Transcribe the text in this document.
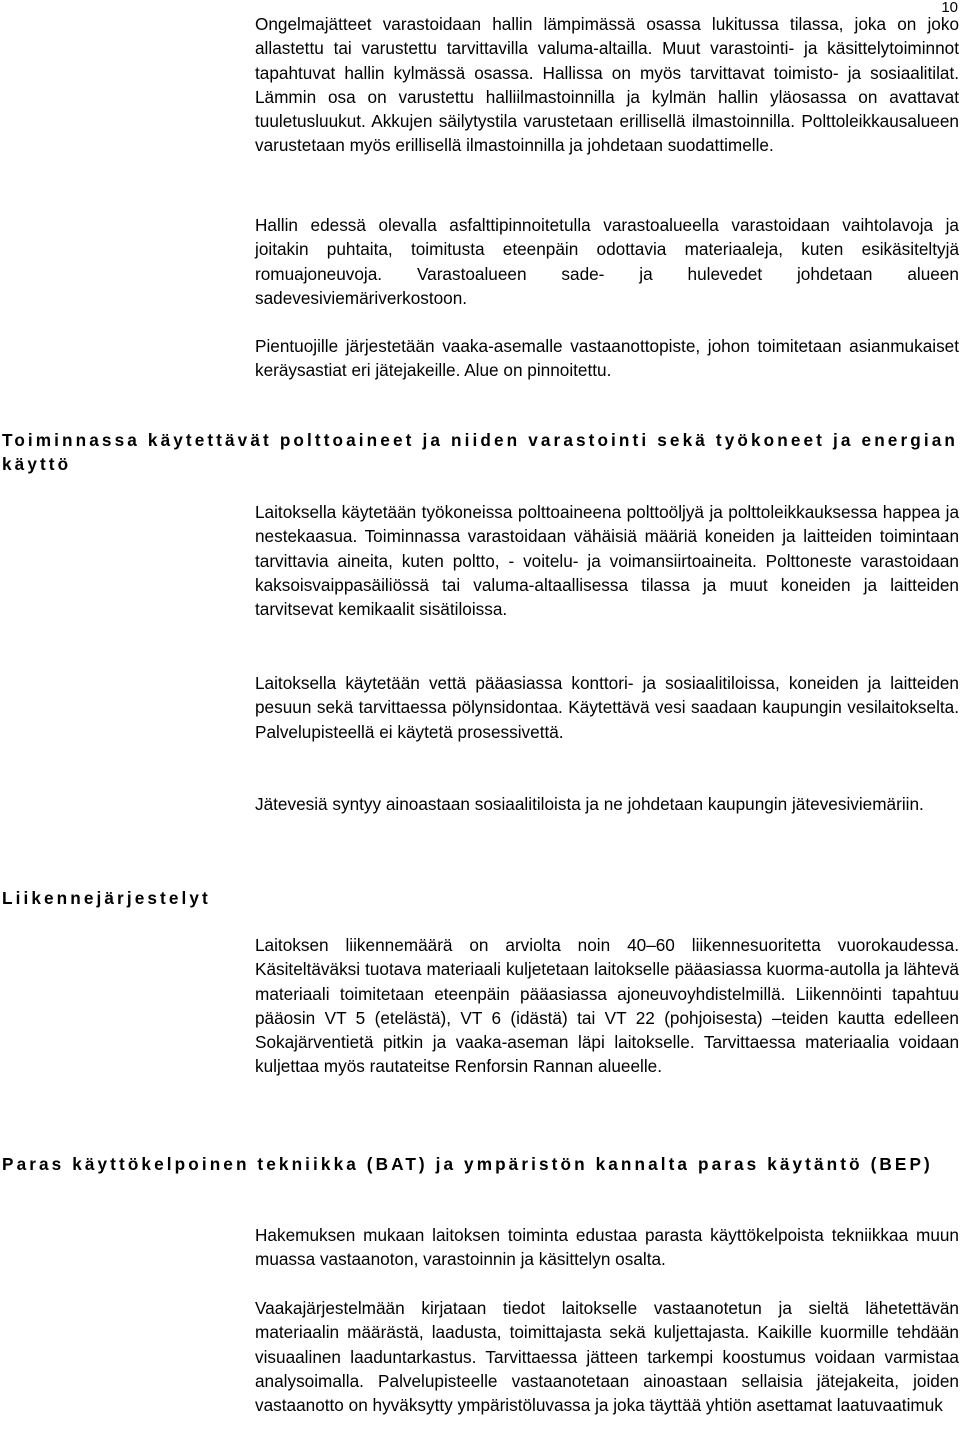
10

Ongelmajätteet varastoidaan hallin lämpimässä osassa lukitussa tilassa, joka on joko allastettu tai varustettu tarvittavilla valuma-altailla. Muut varastointi- ja käsittelytoiminnot tapahtuvat hallin kylmässä osassa. Hallissa on myös tarvittavat toimisto- ja sosiaalitilat. Lämmin osa on varustettu halliilmastoinnilla ja kylmän hallin yläosassa on avattavat tuuletusluukut. Akkujen säilytystila varustetaan erillisellä ilmastoinnilla. Polttoleikkausalueen varustetaan myös erillisellä ilmastoinnilla ja johdetaan suodattimelle.

Hallin edessä olevalla asfalttipinnoitetulla varastoalueella varastoidaan vaihtolavoja ja joitakin puhtaita, toimitusta eteenpäin odottavia materiaaleja, kuten esikäsiteltyjä romuajoneuvoja. Varastoalueen sade- ja hulevedet johdetaan alueen sadevesiviemäriverkostoon.

Pientuojille järjestetään vaaka-asemalle vastaanottopiste, johon toimitetaan asianmukaiset keräysastiat eri jätejakeille. Alue on pinnoitettu.

Toiminnassa käytettävät polttoaineet ja niiden varastointi sekä työkoneet ja energian käyttö

Laitoksella käytetään työkoneissa polttoaineena polttoöljyä ja polttoleikkauksessa happea ja nestekaasua. Toiminnassa varastoidaan vähäisiä määriä koneiden ja laitteiden toimintaan tarvittavia aineita, kuten poltto, - voitelu- ja voimansiirtoaineita. Polttoneste varastoidaan kaksoisvaippasäiliössä tai valuma-altaallisessa tilassa ja muut koneiden ja laitteiden tarvitsevat kemikaalit sisätiloissa.

Laitoksella käytetään vettä pääasiassa konttori- ja sosiaalitiloissa, koneiden ja laitteiden pesuun sekä tarvittaessa pölynsidontaa. Käytettävä vesi saadaan kaupungin vesilaitokselta. Palvelupisteellä ei käytetä prosessivettä.

Jätevesiä syntyy ainoastaan sosiaalitiloista ja ne johdetaan kaupungin jätevesiviemäriin.

Liikennejärjestelyt

Laitoksen liikennemäärä on arviolta noin 40–60 liikennesuoritetta vuorokaudessa. Käsiteltäväksi tuotava materiaali kuljetetaan laitokselle pääasiassa kuorma-autolla ja lähtevä materiaali toimitetaan eteenpäin pääasiassa ajoneuvoyhdistelmillä. Liikennöinti tapahtuu pääosin VT 5 (etelästä), VT 6 (idästä) tai VT 22 (pohjoisesta) –teiden kautta edelleen Sokajärventietä pitkin ja vaaka-aseman läpi laitokselle. Tarvittaessa materiaalia voidaan kuljettaa myös rautateitse Renforsin Rannan alueelle.

Paras käyttökelpoinen tekniikka (BAT) ja ympäristön kannalta paras käytäntö (BEP)

Hakemuksen mukaan laitoksen toiminta edustaa parasta käyttökelpoista tekniikkaa muun muassa vastaanoton, varastoinnin ja käsittelyn osalta.

Vaakajärjestelmään kirjataan tiedot laitokselle vastaanotetun ja sieltä lähetettävän materiaalin määrästä, laadusta, toimittajasta sekä kuljettajasta. Kaikille kuormille tehdään visuaalinen laaduntarkastus. Tarvittaessa jätteen tarkempi koostumus voidaan varmistaa analysoimalla. Palvelupisteelle vastaanotetaan ainoastaan sellaisia jätejakeita, joiden vastaanotto on hyväksytty ympäristöluvassa ja joka täyttää yhtiön asettamat laatuvaatimuk
